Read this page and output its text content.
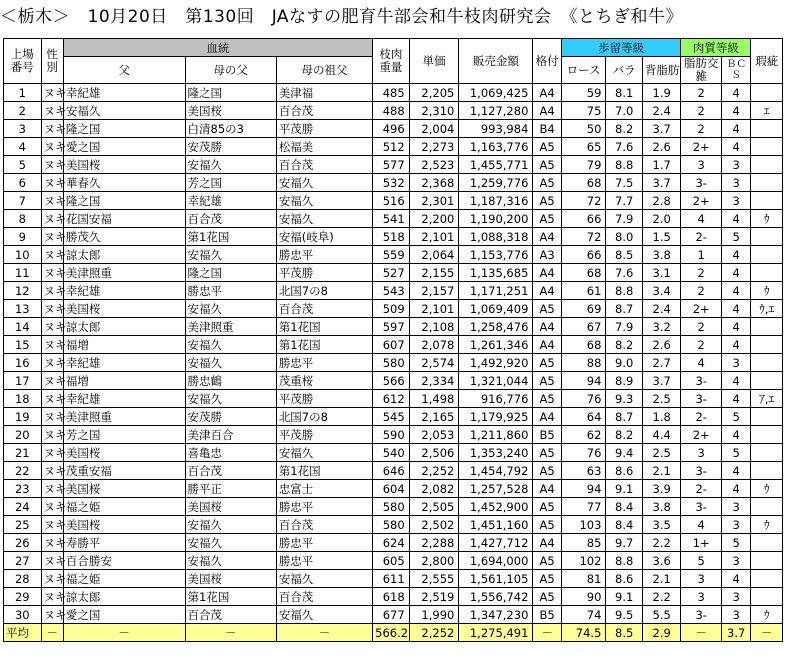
＜栃木＞　10月20日　第130回　JAなすの肥育牛部会和牛枝肉研究会　《とちぎ和牛》
上場番号	性別	血統			枝肉重量	単価	販売金額	格付	歩留等級			肉質等級		瑕疵
		父	母の父	母の祖父					ロース	バラ	背脂肪	脂肪交雑	ＢＣＳ	

1	ヌキ	幸紀雄	隆之国	美津福	485	2,205	1,069,425	A4	59	8.1	1.9	2	4	
2	ヌキ	安福久	美国桜	百合茂	488	2,310	1,127,280	A4	75	7.0	2.4	2	4	ｴ
3	ヌキ	隆之国	白清85の3	平茂勝	496	2,004	993,984	B4	50	8.2	3.7	2	4	
4	ヌキ	愛之国	安茂勝	松福美	512	2,273	1,163,776	A5	65	7.6	2.6	2+	4	
5	ヌキ	美国桜	安福久	百合茂	577	2,523	1,455,771	A5	79	8.8	1.7	3	3	
6	ヌキ	華春久	芳之国	安福久	532	2,368	1,259,776	A5	68	7.5	3.7	3-	3	
7	ヌキ	隆之国	幸紀雄	安福久	516	2,301	1,187,316	A5	72	7.7	2.8	2+	3	
8	ヌキ	花国安福	百合茂	安福久	541	2,200	1,190,200	A5	66	7.9	2.0	4	4	ｳ
9	ヌキ	勝茂久	第1花国	安福(岐阜)	518	2,101	1,088,318	A4	72	8.0	1.5	2-	5	
10	ヌキ	諒太郎	安福久	勝忠平	559	2,064	1,153,776	A3	66	8.5	3.8	1	4	
11	ヌキ	美津照重	隆之国	平茂勝	527	2,155	1,135,685	A4	68	7.6	3.1	2	4	
12	ヌキ	幸紀雄	勝忠平	北国7の8	543	2,157	1,171,251	A4	61	8.8	3.4	2	4	ｳ
13	ヌキ	美国桜	安福久	百合茂	509	2,101	1,069,409	A5	69	8.7	2.4	2+	4	ｳ,ｴ
14	ヌキ	諒太郎	美津照重	第1花国	597	2,108	1,258,476	A4	67	7.9	3.2	2	4	
15	ヌキ	福増	安福久	第1花国	607	2,078	1,261,346	A4	68	8.2	2.6	2	4	
16	ヌキ	幸紀雄	安福久	勝忠平	580	2,574	1,492,920	A5	88	9.0	2.7	4	3	
17	ヌキ	福増	勝忠鶴	茂重桜	566	2,334	1,321,044	A5	94	8.9	3.7	3-	4	
18	ヌキ	幸紀雄	安福久	平茂勝	612	1,498	916,776	A5	76	9.3	2.5	3-	4	ｱ,ｴ
19	ヌキ	美津照重	安茂勝	北国7の8	545	2,165	1,179,925	A4	64	8.7	1.8	2-	5	
20	ヌキ	芳之国	美津百合	平茂勝	590	2,053	1,211,860	B5	62	8.2	4.4	2+	4	
21	ヌキ	美国桜	喜亀忠	安福久	540	2,506	1,353,240	A5	76	9.4	2.5	3	5	
22	ヌキ	茂重安福	百合茂	第1花国	646	2,252	1,454,792	A5	63	8.6	2.1	3-	4	
23	ヌキ	美国桜	勝平正	忠富士	604	2,082	1,257,528	A4	94	9.1	3.9	2-	4	ｳ
24	ヌキ	福之姫	美国桜	勝忠平	580	2,505	1,452,900	A5	77	8.4	3.8	3-	3	
25	ヌキ	美国桜	安福久	百合茂	580	2,502	1,451,160	A5	103	8.4	3.5	4	3	ｳ
26	ヌキ	寿勝平	安福久	勝忠平	624	2,288	1,427,712	A4	85	9.7	2.2	1+	5	
27	ヌキ	百合勝安	安福久	勝忠平	605	2,800	1,694,000	A5	102	8.8	3.6	5	3	
28	ヌキ	福之姫	美国桜	安福久	611	2,555	1,561,105	A5	81	8.6	2.1	3	4	
29	ヌキ	諒太郎	第1花国	百合茂	618	2,519	1,556,742	A5	90	9.1	2.2	3	3	
30	ヌキ	愛之国	百合茂	安福久	677	1,990	1,347,230	B5	74	9.5	5.5	3-	3	ｳ
平均	－	－	－	－	566.2	2,252	1,275,491	－	74.5	8.5	2.9	－	3.7	－
